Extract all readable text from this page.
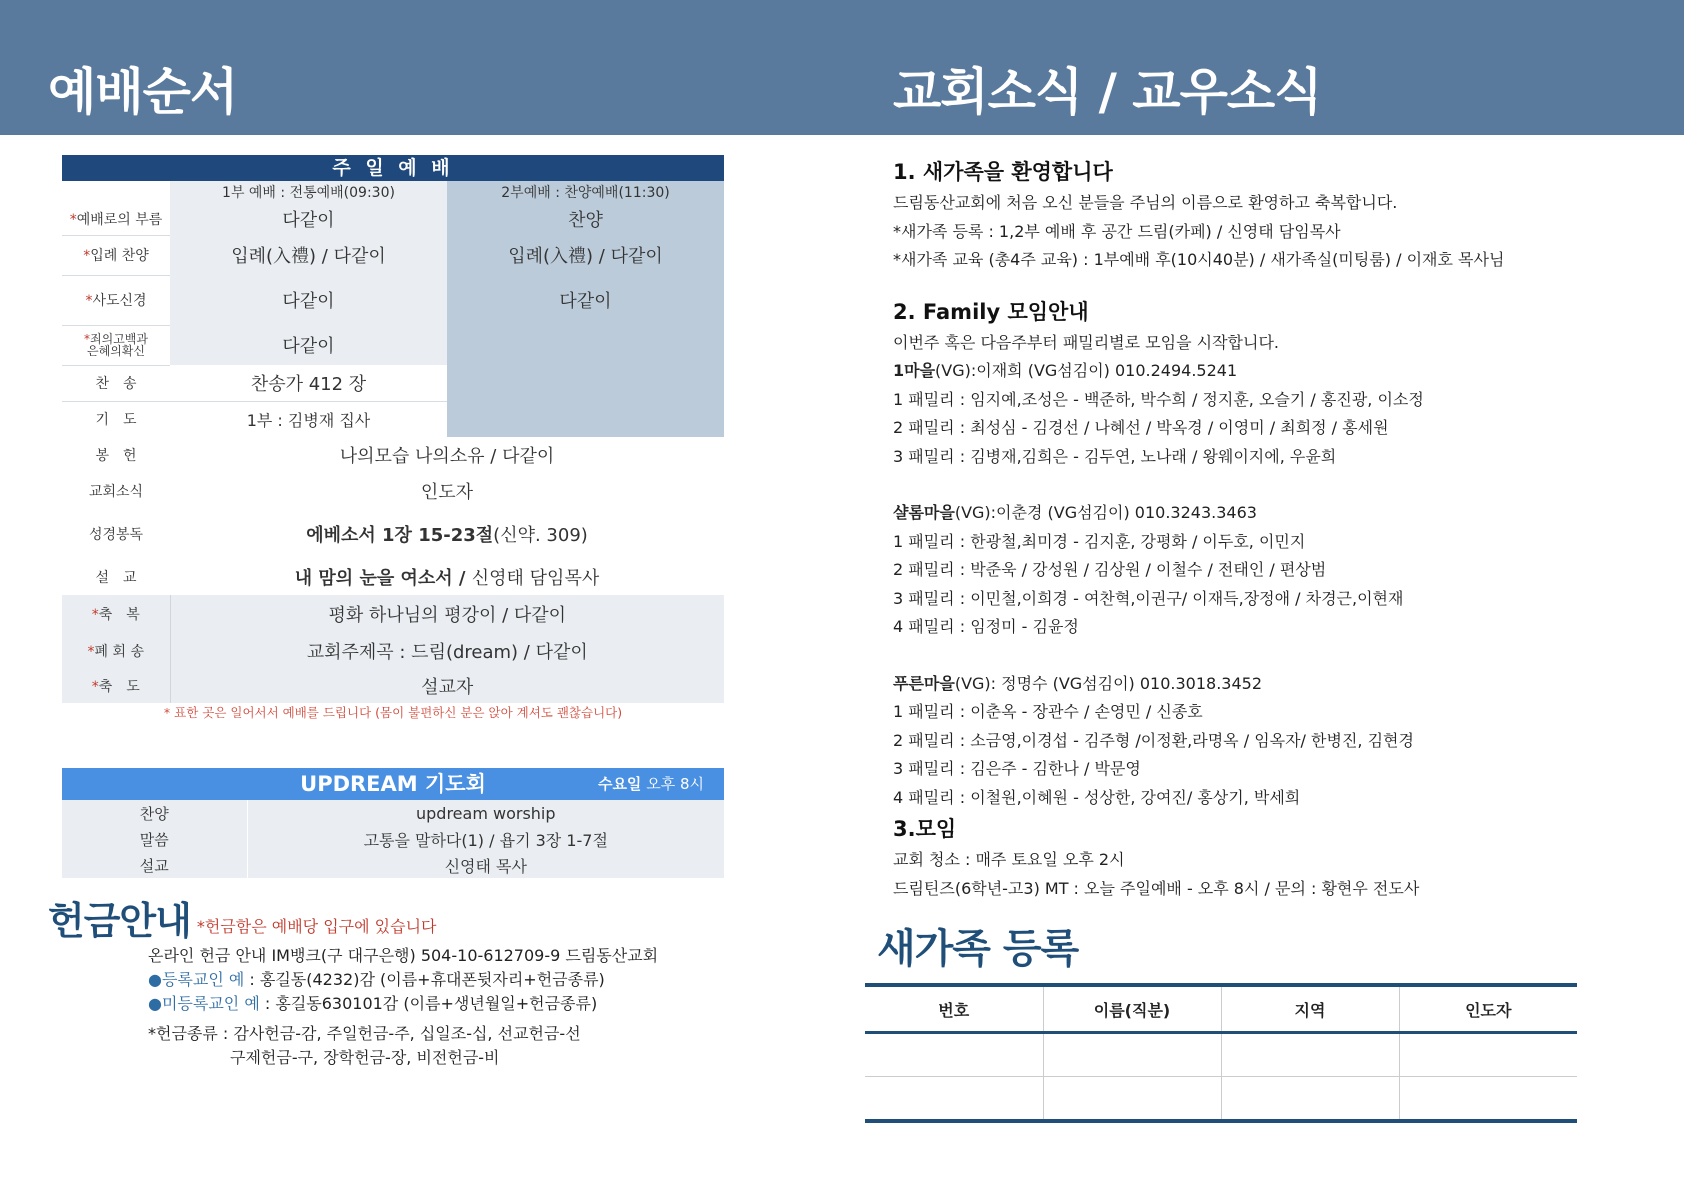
예배순서	교회소식 / 교우소식
주 일 예 배
	1부 예배 : 전통예배(09:30)	2부예배 : 찬양예배(11:30)
*예배로의 부름	다같이	찬양
*입례 찬양	입례(入禮) / 다같이	입례(入禮) / 다같이
*사도신경	다같이	다같이
*죄의고백과
은혜의확신	다같이	
찬　송	찬송가 412 장	
기　도	1부 : 김병재 집사	
봉　헌	나의모습 나의소유 / 다같이	
교회소식	인도자	
성경봉독	에베소서 1장 15-23절(신약. 309)	
설　교	내 맘의 눈을 여소서 / 신영태 담임목사	
*축　복	평화 하나님의 평강이 / 다같이	
*폐 회 송	교회주제곡 : 드림(dream) / 다같이	
*축　도	설교자	
* 표한 곳은 일어서서 예배를 드립니다 (몸이 불편하신 분은 앉아 계셔도 괜찮습니다)
UPDREAM 기도회	수요일 오후 8시
찬양	updream worship
말씀	고통을 말하다(1) / 욥기 3장 1-7절
설교	신영태 목사
헌금안내 *헌금함은 예배당 입구에 있습니다
온라인 헌금 안내 IM뱅크(구 대구은행) 504-10-612709-9 드림동산교회
●등록교인 예 : 홍길동(4232)감 (이름+휴대폰뒷자리+헌금종류)
●미등록교인 예 : 홍길동630101감 (이름+생년월일+헌금종류)
*헌금종류 : 감사헌금-감, 주일헌금-주, 십일조-십, 선교헌금-선
구제헌금-구, 장학헌금-장, 비전헌금-비
1. 새가족을 환영합니다
드림동산교회에 처음 오신 분들을 주님의 이름으로 환영하고 축복합니다.
*새가족 등록 : 1,2부 예배 후 공간 드림(카페) / 신영태 담임목사
*새가족 교육 (총4주 교육) : 1부예배 후(10시40분) / 새가족실(미팅룸) / 이재호 목사님
2. Family 모임안내
이번주 혹은 다음주부터 패밀리별로 모임을 시작합니다.
1마을(VG):이재희 (VG섬김이) 010.2494.5241
1 패밀리 : 임지예,조성은 - 백준하, 박수희 / 정지훈, 오슬기 / 홍진광, 이소정
2 패밀리 : 최성심 - 김경선 / 나혜선 / 박옥경 / 이영미 / 최희정 / 홍세원
3 패밀리 : 김병재,김희은 - 김두연, 노나래 / 왕웨이지에, 우윤희
샬롬마을(VG):이춘경 (VG섬김이) 010.3243.3463
1 패밀리 : 한광철,최미경 - 김지훈, 강평화 / 이두호, 이민지
2 패밀리 : 박준욱 / 강성원 / 김상원 / 이철수 / 전태인 / 편상범
3 패밀리 : 이민철,이희경 - 여찬혁,이권구/ 이재득,장정애 / 차경근,이현재
4 패밀리 : 임정미 - 김윤정
푸른마을(VG): 정명수 (VG섬김이) 010.3018.3452
1 패밀리 : 이춘옥 - 장관수 / 손영민 / 신종호
2 패밀리 : 소금영,이경섭 - 김주형 /이정환,라명옥 / 임옥자/ 한병진, 김현경
3 패밀리 : 김은주 - 김한나 / 박문영
4 패밀리 : 이철원,이혜원 - 성상한, 강여진/ 홍상기, 박세희
3.모임
교회 청소 : 매주 토요일 오후 2시
드림틴즈(6학년-고3) MT : 오늘 주일예배 - 오후 8시 / 문의 : 황현우 전도사
새가족 등록
번호	이름(직분)	지역	인도자
